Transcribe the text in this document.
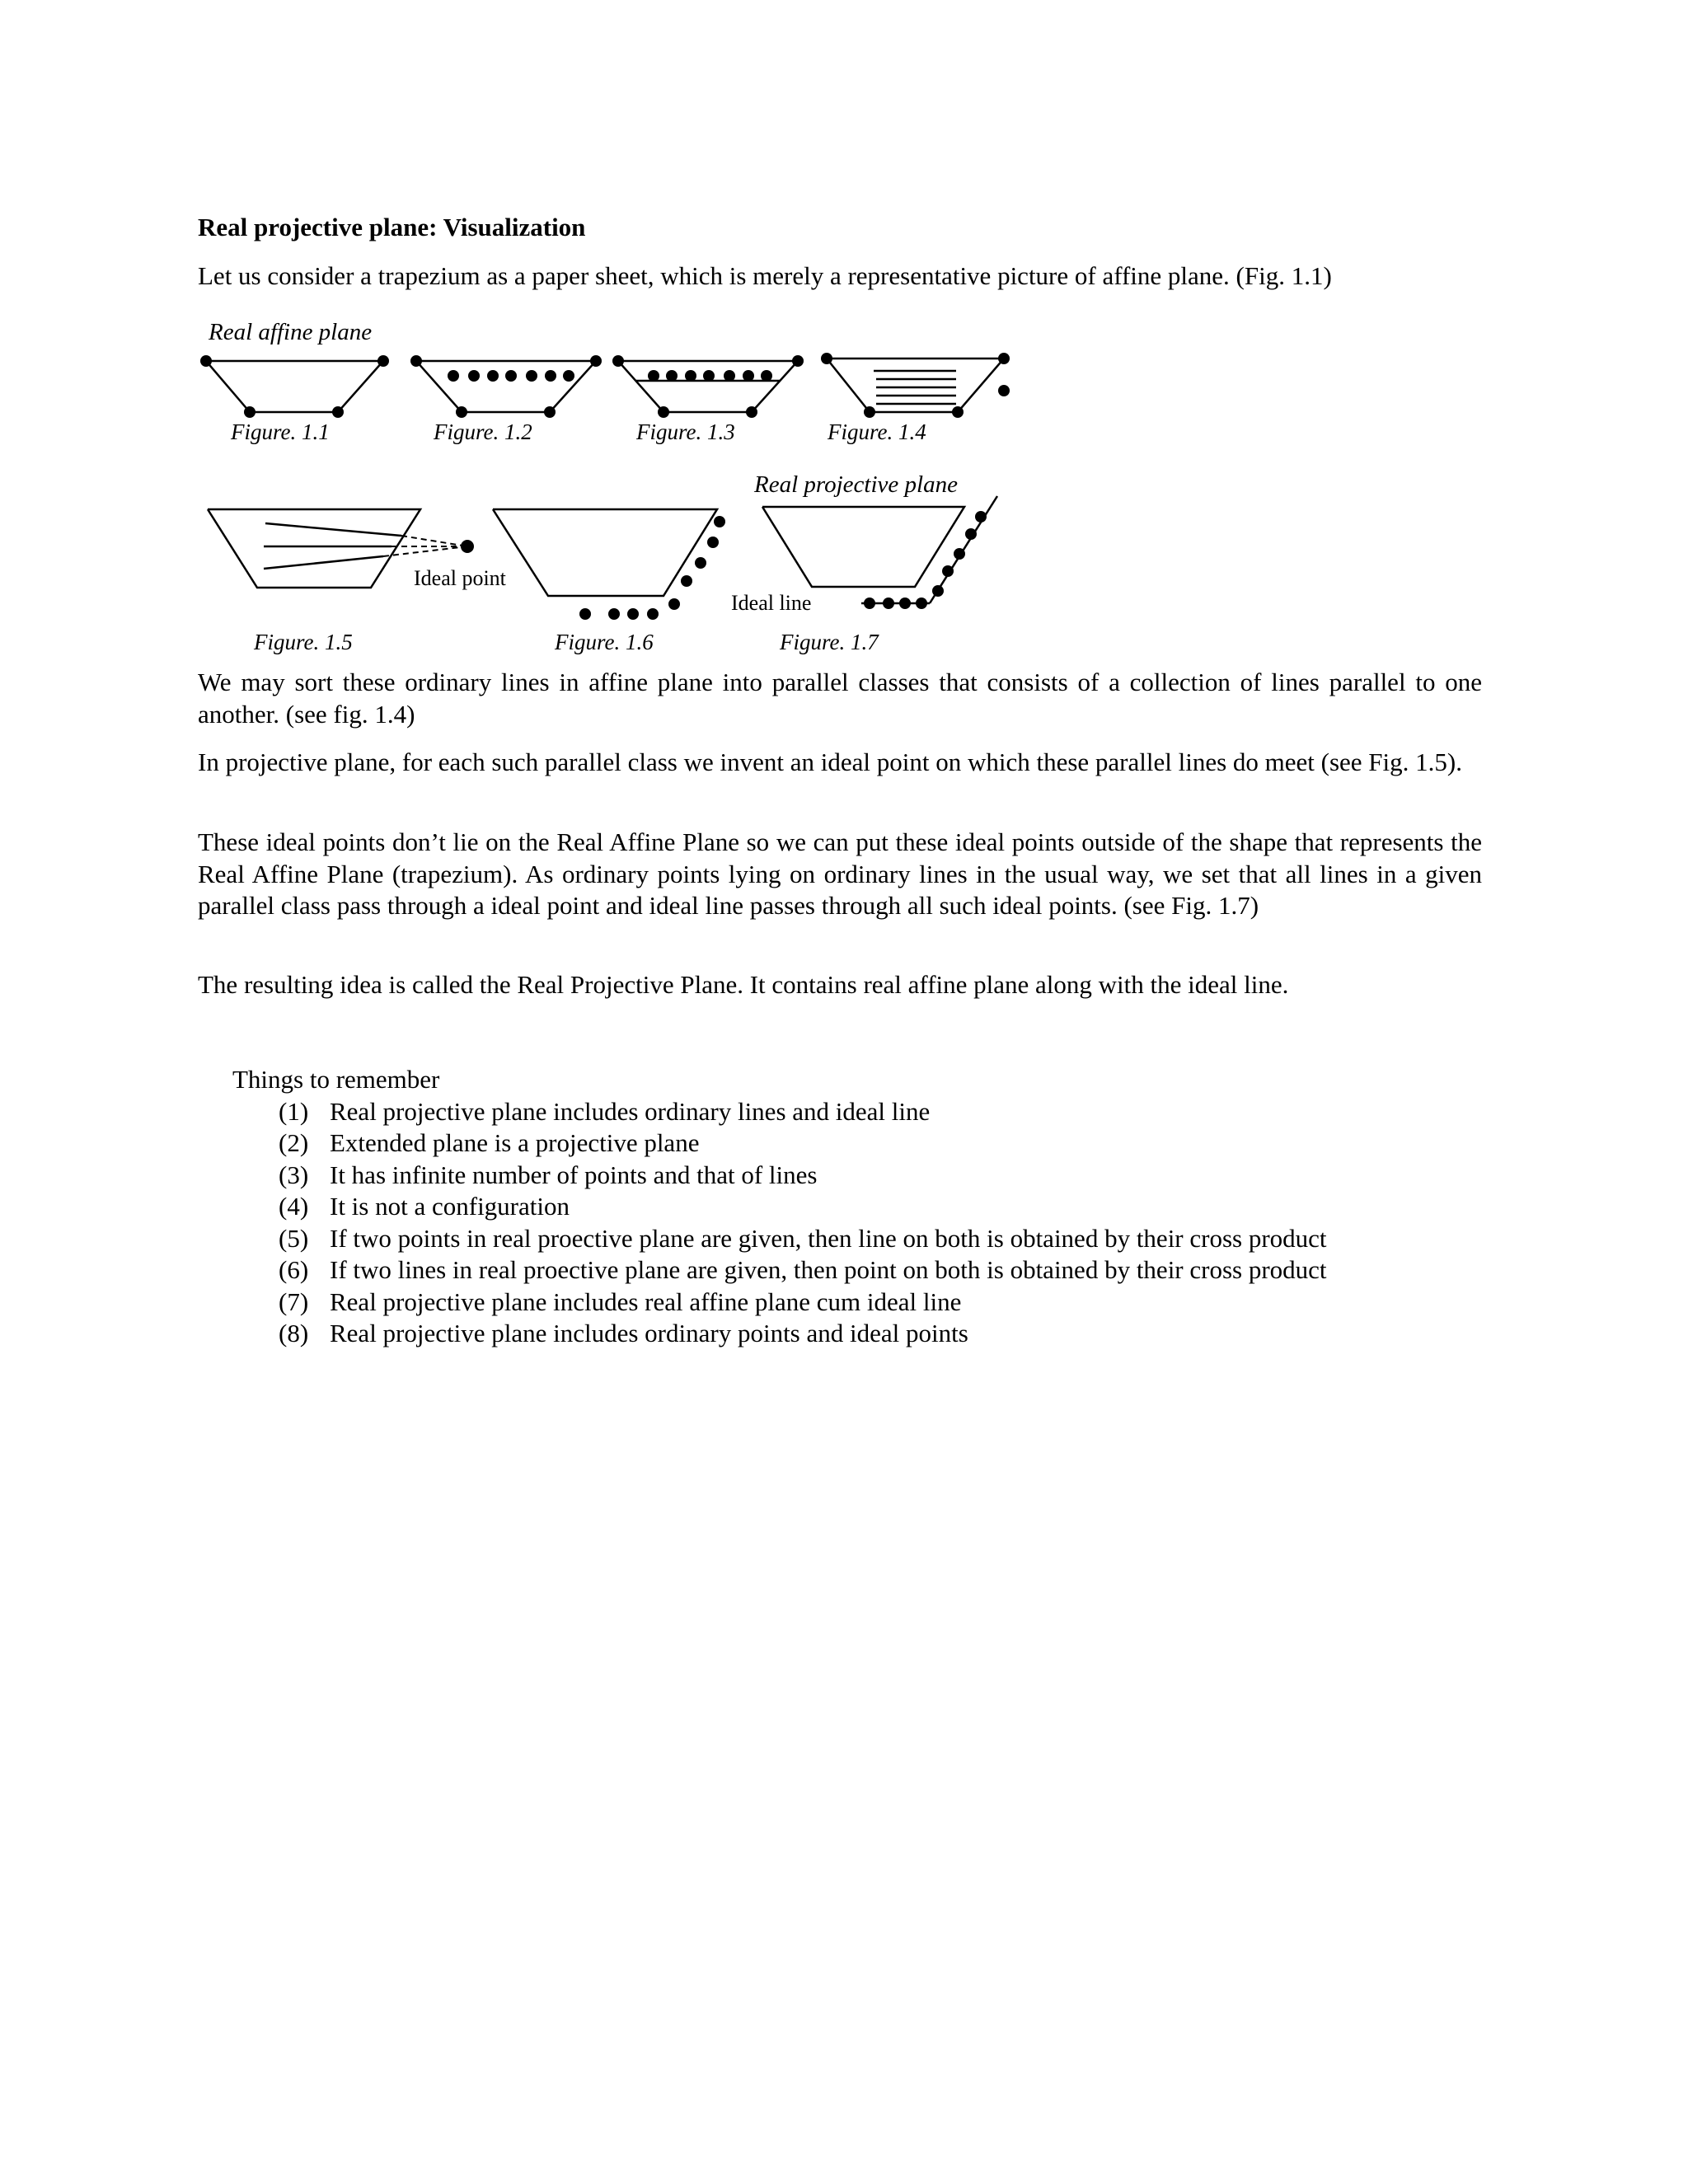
Real projective plane: Visualization

Let us consider a trapezium as a paper sheet, which is merely a representative picture of affine plane. (Fig. 1.1)

Real affine plane
Real projective plane
Ideal point
Ideal line
Figure. 1.1	Figure. 1.2	Figure. 1.3	Figure. 1.4
Figure. 1.5	Figure. 1.6	Figure. 1.7

We may sort these ordinary lines in affine plane into parallel classes that consists of a collection of lines parallel to one another. (see fig. 1.4)

In projective plane, for each such parallel class we invent an ideal point on which these parallel lines do meet (see Fig. 1.5).

These ideal points don’t lie on the Real Affine Plane so we can put these ideal points outside of the shape that represents the Real Affine Plane (trapezium). As ordinary points lying on ordinary lines in the usual way, we set that all lines in a given parallel class pass through a ideal point and ideal line passes through all such ideal points. (see Fig. 1.7)

The resulting idea is called the Real Projective Plane. It contains real affine plane along with the ideal line.

Things to remember
(1) Real projective plane includes ordinary lines and ideal line
(2) Extended plane is a projective plane
(3) It has infinite number of points and that of lines
(4) It is not a configuration
(5) If two points in real proective plane are given, then line on both is obtained by their cross product
(6) If two lines in real proective plane are given, then point on both is obtained by their cross product
(7) Real projective plane includes real affine plane cum ideal line
(8) Real projective plane includes ordinary points and ideal points
